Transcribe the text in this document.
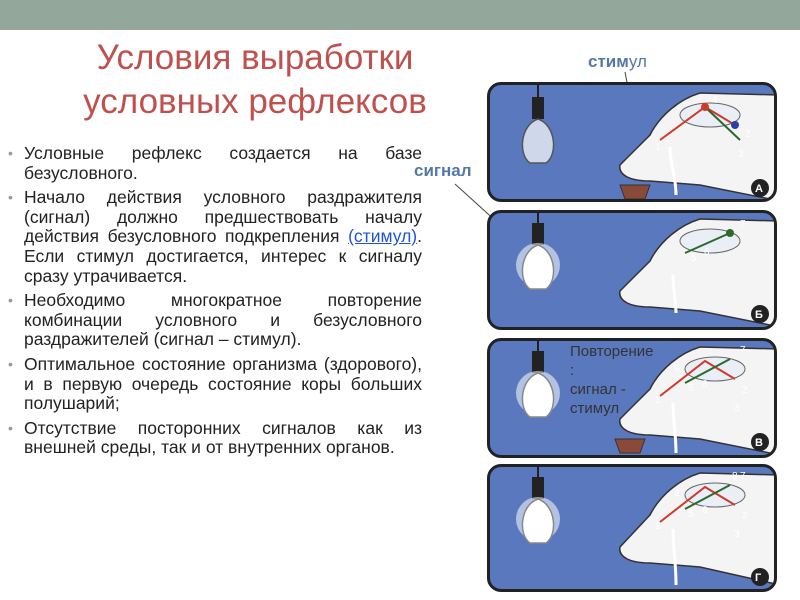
Условия выработки
условных рефлексов
• Условные рефлекс создается на базе безусловного.
• Начало действия условного раздражителя (сигнал) должно предшествовать началу действия безусловного подкрепления (стимул). Если стимул достигается, интерес к сигналу сразу утрачивается.
• Необходимо многократное повторение комбинации условного и безусловного раздражителей (сигнал – стимул).
• Оптимальное состояние организма (здорового), и в первую очередь состояние коры больших полушарий;
• Отсутствие посторонних сигналов как из внешней среды, так и от внутренних органов.
стимул
сигнал
1
2
3
4
А
5
6
7
Б
1
2
3
4
5 6
7
В
Повторение
:
сигнал -
стимул
1
2
3
4
5 6
7
8
Г
